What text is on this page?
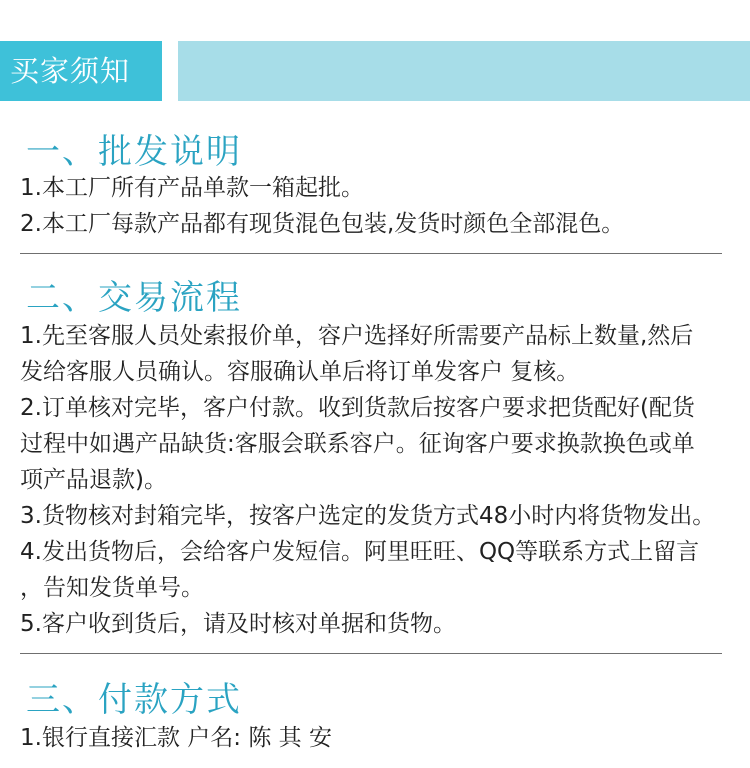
买家须知
一、批发说明
1.本工厂所有产品单款一箱起批。
2.本工厂每款产品都有现货混色包装,发货时颜色全部混色。
二、交易流程
1.先至客服人员处索报价单，容户选择好所需要产品标上数量,然后
发给客服人员确认。容服确认单后将订单发客户 复核。
2.订单核对完毕，客户付款。收到货款后按客户要求把货配好(配货
过程中如遇产品缺货:客服会联系容户。征询客户要求换款换色或单
项产品退款)。
3.货物核对封箱完毕，按客户选定的发货方式48小时内将货物发出。
4.发出货物后，会给客户发短信。阿里旺旺、QQ等联系方式上留言
，告知发货单号。
5.客户收到货后，请及时核对单据和货物。
三、付款方式
1.银行直接汇款 户名: 陈 其 安
